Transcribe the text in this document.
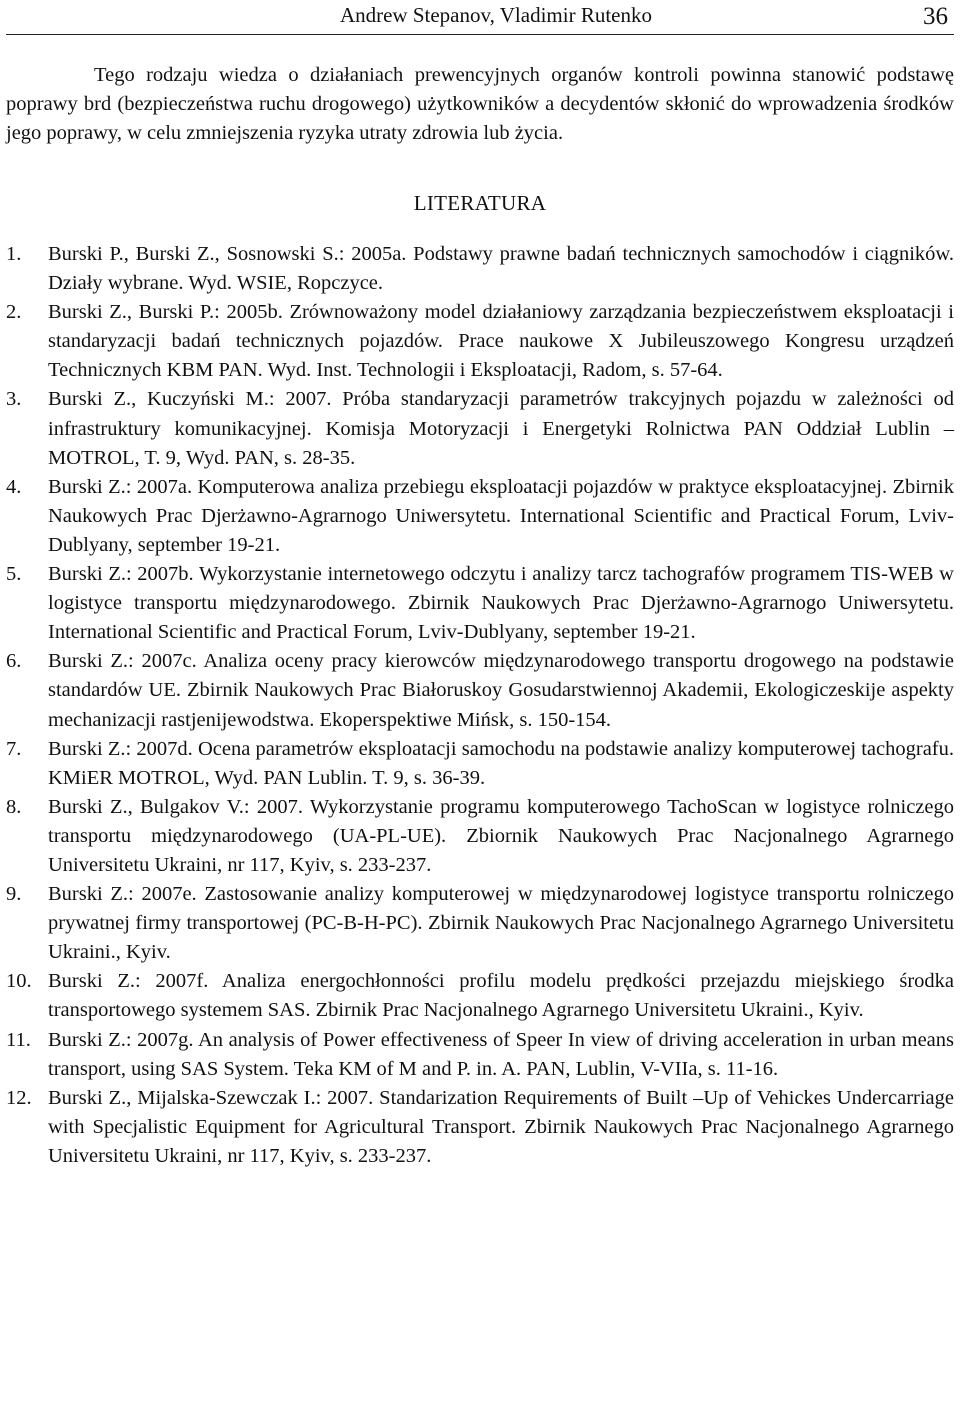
Andrew Stepanov, Vladimir Rutenko	36

Tego rodzaju wiedza o działaniach prewencyjnych organów kontroli powinna stanowić podstawę poprawy brd (bezpieczeństwa ruchu drogowego) użytkowników a decydentów skłonić do wprowadzenia środków jego poprawy, w celu zmniejszenia ryzyka utraty zdrowia lub życia.

LITERATURA
1. Burski P., Burski Z., Sosnowski S.: 2005a. Podstawy prawne badań technicznych samochodów i ciągników. Działy wybrane. Wyd. WSIE, Ropczyce.
2. Burski Z., Burski P.: 2005b. Zrównoważony model działaniowy zarządzania bezpieczeństwem eksploatacji i standaryzacji badań technicznych pojazdów. Prace naukowe X Jubileuszowego Kongresu urządzeń Technicznych KBM PAN. Wyd. Inst. Technologii i Eksploatacji, Radom, s. 57-64.
3. Burski Z., Kuczyński M.: 2007. Próba standaryzacji parametrów trakcyjnych pojazdu w zależności od infrastruktury komunikacyjnej. Komisja Motoryzacji i Energetyki Rolnictwa PAN Oddział Lublin – MOTROL, T. 9, Wyd. PAN, s. 28-35.
4. Burski Z.: 2007a. Komputerowa analiza przebiegu eksploatacji pojazdów w praktyce eksploatacyjnej. Zbirnik Naukowych Prac Djerżawno-Agrarnogo Uniwersytetu. International Scientific and Practical Forum, Lviv-Dublyany, september 19-21.
5. Burski Z.: 2007b. Wykorzystanie internetowego odczytu i analizy tarcz tachografów programem TIS-WEB w logistyce transportu międzynarodowego. Zbirnik Naukowych Prac Djerżawno-Agrarnogo Uniwersytetu. International Scientific and Practical Forum, Lviv-Dublyany, september 19-21.
6. Burski Z.: 2007c. Analiza oceny pracy kierowców międzynarodowego transportu drogowego na podstawie standardów UE. Zbirnik Naukowych Prac Białoruskoy Gosudarstwiennoj Akademii, Ekologiczeskije aspekty mechanizacji rastjenijewodstwa. Ekoperspektiwe Mińsk, s. 150-154.
7. Burski Z.: 2007d. Ocena parametrów eksploatacji samochodu na podstawie analizy komputerowej tachografu. KMiER MOTROL, Wyd. PAN Lublin. T. 9, s. 36-39.
8. Burski Z., Bulgakov V.: 2007. Wykorzystanie programu komputerowego TachoScan w logistyce rolniczego transportu międzynarodowego (UA-PL-UE). Zbiornik Naukowych Prac Nacjonalnego Agrarnego Universitetu Ukraini, nr 117, Kyiv, s. 233-237.
9. Burski Z.: 2007e. Zastosowanie analizy komputerowej w międzynarodowej logistyce transportu rolniczego prywatnej firmy transportowej (PC-B-H-PC). Zbirnik Naukowych Prac Nacjonalnego Agrarnego Universitetu Ukraini., Kyiv.
10. Burski Z.: 2007f. Analiza energochłonności profilu modelu prędkości przejazdu miejskiego środka transportowego systemem SAS. Zbirnik Prac Nacjonalnego Agrarnego Universitetu Ukraini., Kyiv.
11. Burski Z.: 2007g. An analysis of Power effectiveness of Speer In view of driving acceleration in urban means transport, using SAS System. Teka KM of M and P. in. A. PAN, Lublin, V-VIIa, s. 11-16.
12. Burski Z., Mijalska-Szewczak I.: 2007. Standarization Requirements of Built –Up of Vehickes Undercarriage with Specjalistic Equipment for Agricultural Transport. Zbirnik Naukowych Prac Nacjonalnego Agrarnego Universitetu Ukraini, nr 117, Kyiv, s. 233-237.
